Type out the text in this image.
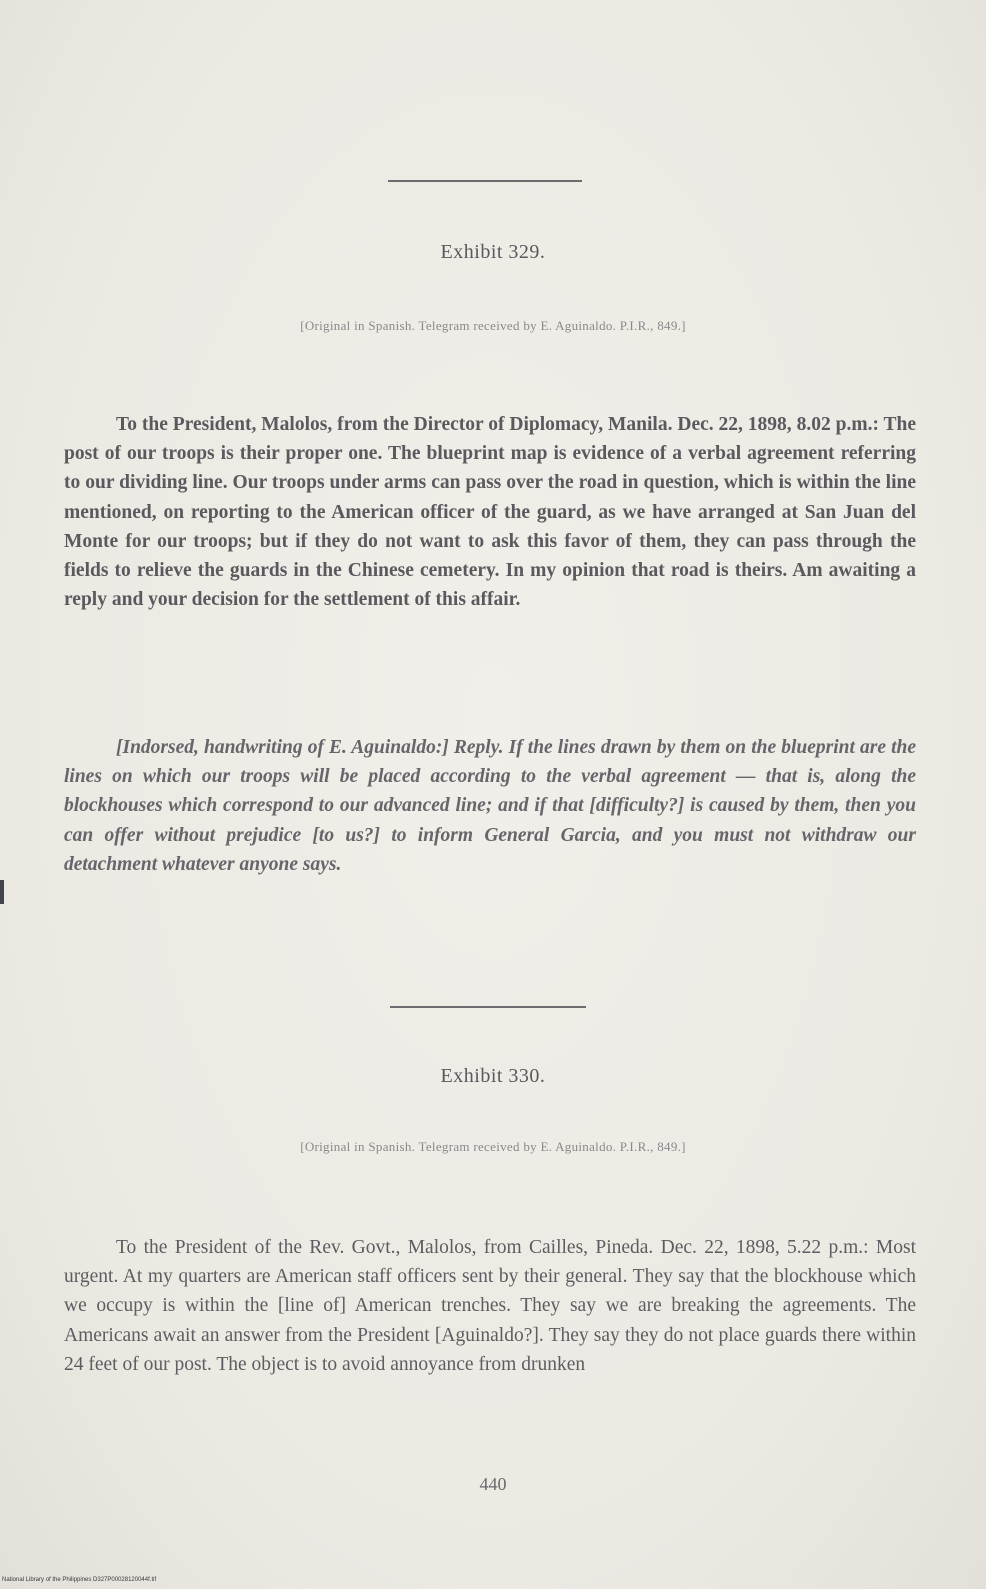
Exhibit 329.
[Original in Spanish. Telegram received by E. Aguinaldo. P.I.R., 849.]
To the President, Malolos, from the Director of Diplomacy, Manila. Dec. 22, 1898, 8.02 p.m.: The post of our troops is their proper one. The blueprint map is evidence of a verbal agreement referring to our dividing line. Our troops under arms can pass over the road in question, which is within the line mentioned, on reporting to the American officer of the guard, as we have arranged at San Juan del Monte for our troops; but if they do not want to ask this favor of them, they can pass through the fields to relieve the guards in the Chinese cemetery. In my opinion that road is theirs. Am awaiting a reply and your decision for the settlement of this affair.
[Indorsed, handwriting of E. Aguinaldo:] Reply. If the lines drawn by them on the blueprint are the lines on which our troops will be placed according to the verbal agreement — that is, along the blockhouses which correspond to our advanced line; and if that [difficulty?] is caused by them, then you can offer without prejudice [to us?] to inform General Garcia, and you must not withdraw our detachment whatever anyone says.
Exhibit 330.
[Original in Spanish. Telegram received by E. Aguinaldo. P.I.R., 849.]
To the President of the Rev. Govt., Malolos, from Cailles, Pineda. Dec. 22, 1898, 5.22 p.m.: Most urgent. At my quarters are American staff officers sent by their general. They say that the blockhouse which we occupy is within the [line of] American trenches. They say we are breaking the agreements. The Americans await an answer from the President [Aguinaldo?]. They say they do not place guards there within 24 feet of our post. The object is to avoid annoyance from drunken
440
National Library of the Philippines D327P00028120044f.tif
